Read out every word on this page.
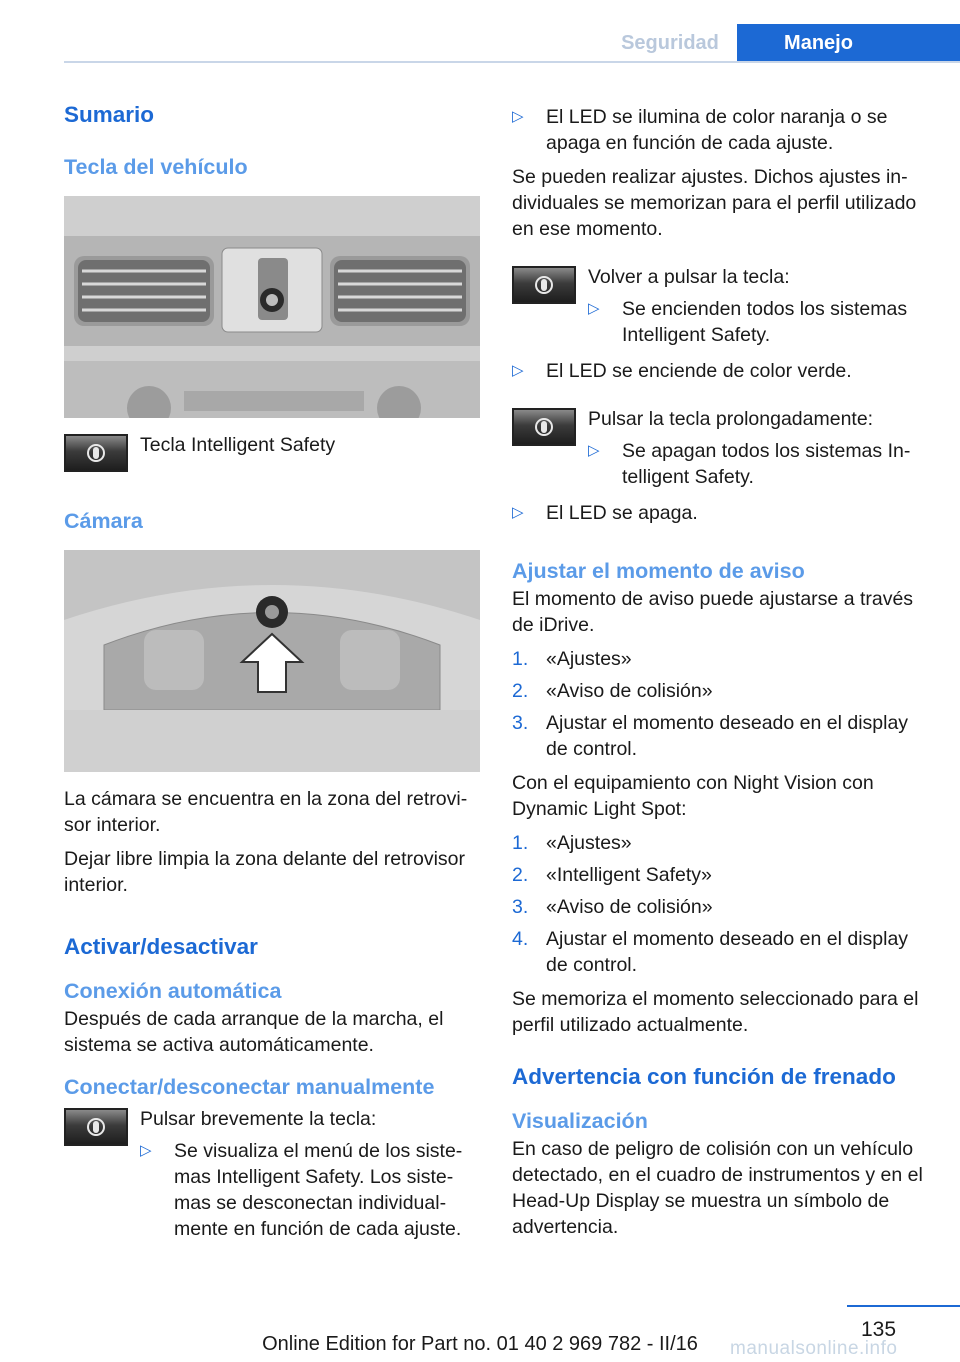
Seguridad	Manejo
Sumario
Tecla del vehículo

Tecla Intelligent Safety

Cámara

La cámara se encuentra en la zona del retrovi-sor interior.

Dejar libre limpia la zona delante del retrovisor interior.

Activar/desactivar
Conexión automática

Después de cada arranque de la marcha, el sistema se activa automáticamente.

Conectar/desconectar manualmente

Pulsar brevemente la tecla:

▷	Se visualiza el menú de los siste-mas Intelligent Safety. Los siste-mas se desconectan individual-mente en función de cada ajuste.

▷	El LED se ilumina de color naranja o se apaga en función de cada ajuste.

Se pueden realizar ajustes. Dichos ajustes in-dividuales se memorizan para el perfil utilizado en ese momento.

Volver a pulsar la tecla:

▷	Se encienden todos los sistemas Intelligent Safety.

▷	El LED se enciende de color verde.

Pulsar la tecla prolongadamente:

▷	Se apagan todos los sistemas In-telligent Safety.

▷	El LED se apaga.

Ajustar el momento de aviso

El momento de aviso puede ajustarse a través de iDrive.

1. «Ajustes»

2. «Aviso de colisión»

3. Ajustar el momento deseado en el display de control.

Con el equipamiento con Night Vision con Dynamic Light Spot:

1. «Ajustes»

2. «Intelligent Safety»

3. «Aviso de colisión»

4. Ajustar el momento deseado en el display de control.

Se memoriza el momento seleccionado para el perfil utilizado actualmente.

Advertencia con función de frenado
Visualización

En caso de peligro de colisión con un vehículo detectado, en el cuadro de instrumentos y en el Head-Up Display se muestra un símbolo de advertencia.

135
Online Edition for Part no. 01 40 2 969 782 - II/16	manualsonline.info
